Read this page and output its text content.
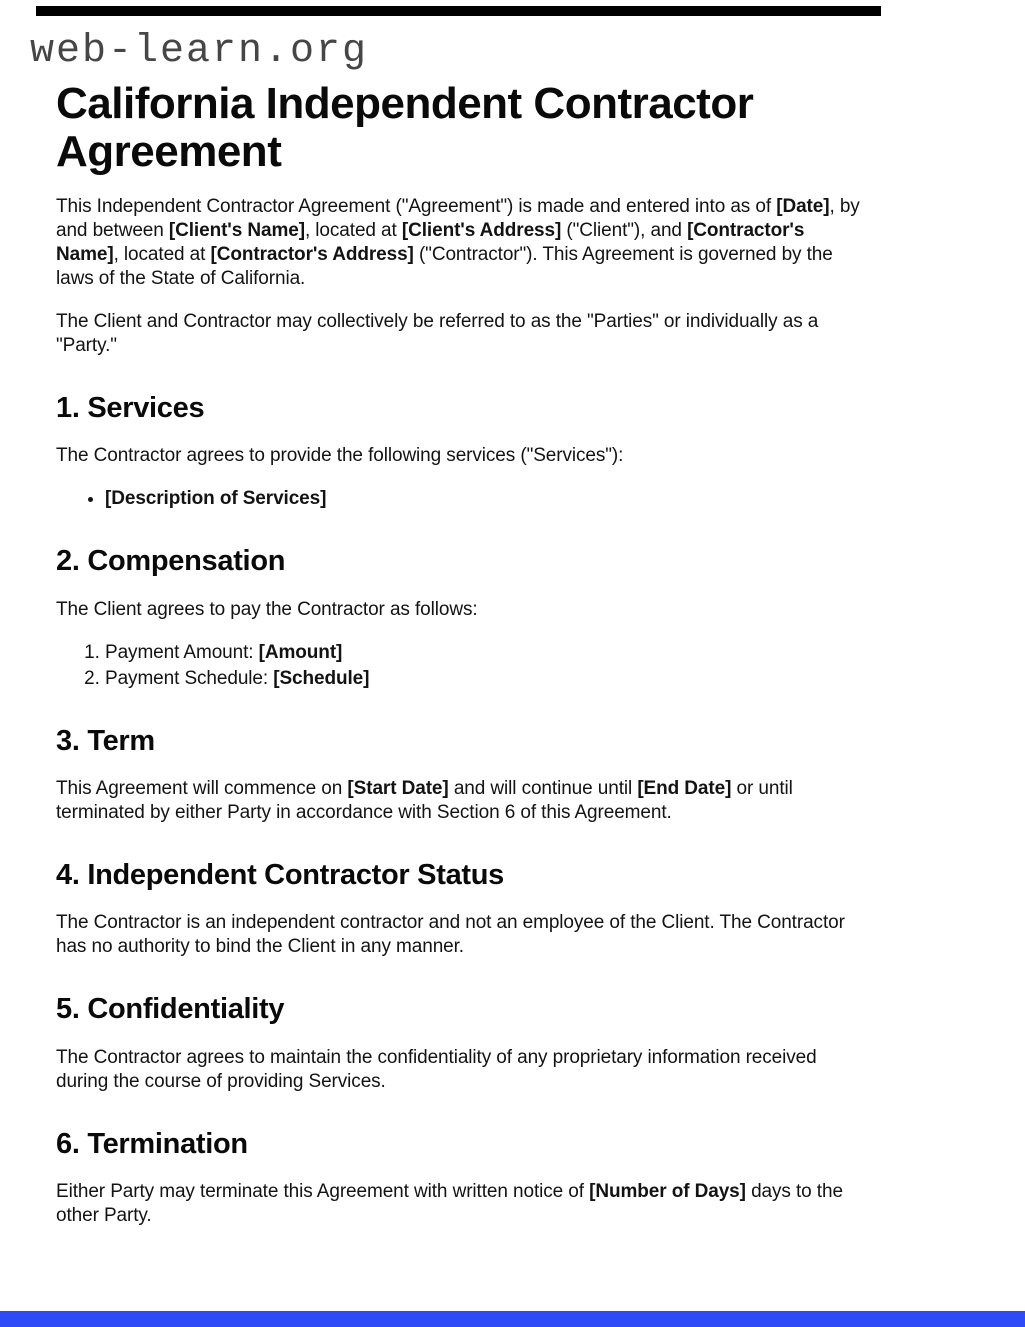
web-learn.org
California Independent Contractor Agreement

This Independent Contractor Agreement ("Agreement") is made and entered into as of [Date], by and between [Client's Name], located at [Client's Address] ("Client"), and [Contractor's Name], located at [Contractor's Address] ("Contractor"). This Agreement is governed by the laws of the State of California.

The Client and Contractor may collectively be referred to as the "Parties" or individually as a "Party."

1. Services

The Contractor agrees to provide the following services ("Services"):

• [Description of Services]
2. Compensation

The Client agrees to pay the Contractor as follows:

1. Payment Amount: [Amount]
2. Payment Schedule: [Schedule]
3. Term

This Agreement will commence on [Start Date] and will continue until [End Date] or until terminated by either Party in accordance with Section 6 of this Agreement.

4. Independent Contractor Status

The Contractor is an independent contractor and not an employee of the Client. The Contractor has no authority to bind the Client in any manner.

5. Confidentiality

The Contractor agrees to maintain the confidentiality of any proprietary information received during the course of providing Services.

6. Termination

Either Party may terminate this Agreement with written notice of [Number of Days] days to the other Party.
